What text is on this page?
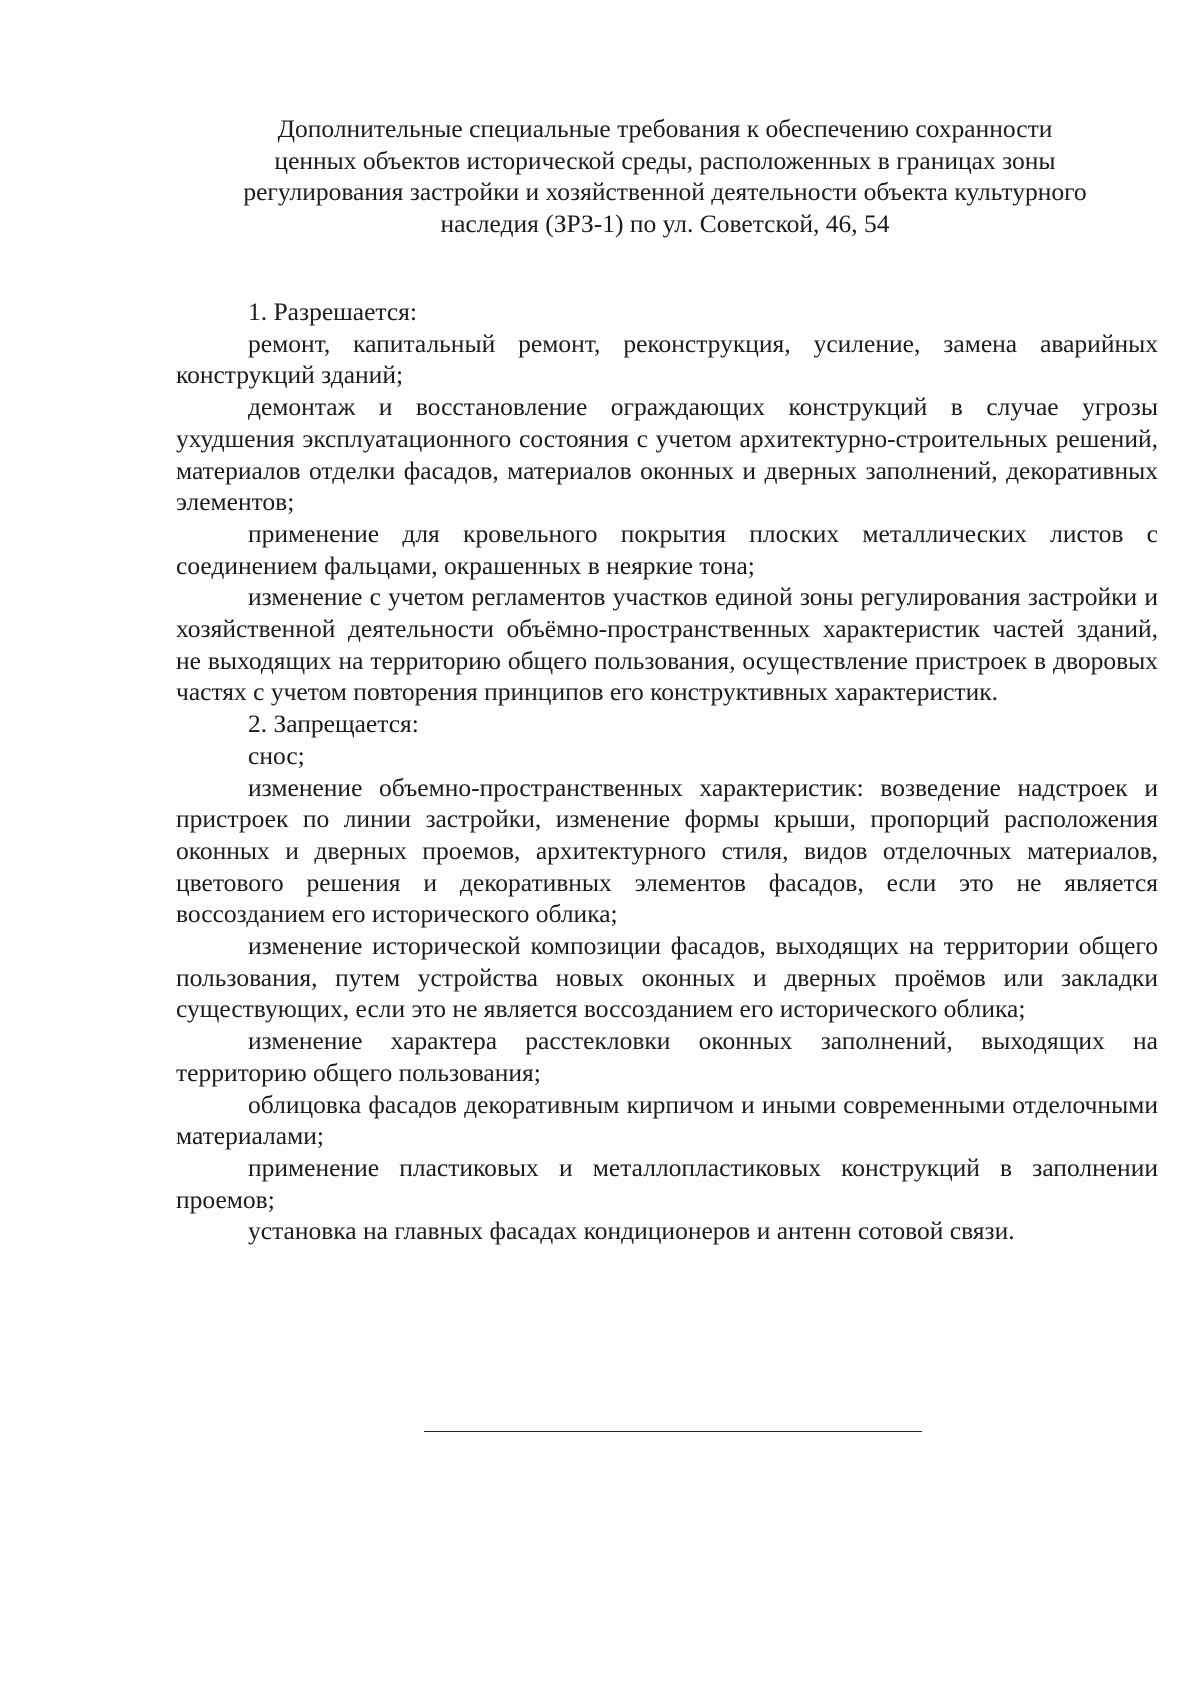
Дополнительные специальные требования к обеспечению сохранности
ценных объектов исторической среды, расположенных в границах зоны
регулирования застройки и хозяйственной деятельности объекта культурного
наследия (ЗРЗ-1) по ул. Советской, 46, 54

1. Разрешается:

ремонт, капитальный ремонт, реконструкция, усиление, замена аварийных конструкций зданий;

демонтаж и восстановление ограждающих конструкций в случае угрозы ухудшения эксплуатационного состояния с учетом архитектурно-строительных решений, материалов отделки фасадов, материалов оконных и дверных заполнений, декоративных элементов;

применение для кровельного покрытия плоских металлических листов с соединением фальцами, окрашенных в неяркие тона;

изменение с учетом регламентов участков единой зоны регулирования застройки и хозяйственной деятельности объёмно-пространственных характеристик частей зданий, не выходящих на территорию общего пользования, осуществление пристроек в дворовых частях с учетом повторения принципов его конструктивных характеристик.

2. Запрещается:

снос;

изменение объемно-пространственных характеристик: возведение надстроек и пристроек по линии застройки, изменение формы крыши, пропорций расположения оконных и дверных проемов, архитектурного стиля, видов отделочных материалов, цветового решения и декоративных элементов фасадов, если это не является воссозданием его исторического облика;

изменение исторической композиции фасадов, выходящих на территории общего пользования, путем устройства новых оконных и дверных проёмов или закладки существующих, если это не является воссозданием его исторического облика;

изменение характера расстекловки оконных заполнений, выходящих на территорию общего пользования;

облицовка фасадов декоративным кирпичом и иными современными отделочными материалами;

применение пластиковых и металлопластиковых конструкций в заполнении проемов;

установка на главных фасадах кондиционеров и антенн сотовой связи.
